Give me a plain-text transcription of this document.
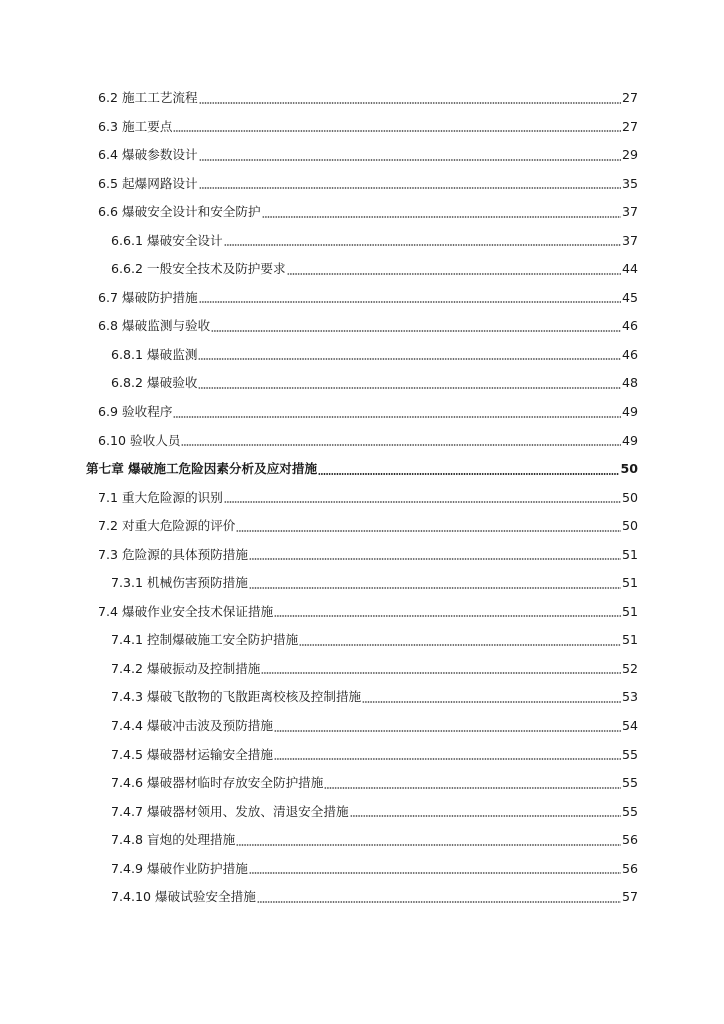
6.2 施工工艺流程	27
6.3 施工要点	27
6.4 爆破参数设计	29
6.5 起爆网路设计	35
6.6 爆破安全设计和安全防护	37
6.6.1 爆破安全设计	37
6.6.2 一般安全技术及防护要求	44
6.7 爆破防护措施	45
6.8 爆破监测与验收	46
6.8.1 爆破监测	46
6.8.2 爆破验收	48
6.9 验收程序	49
6.10 验收人员	49
第七章 爆破施工危险因素分析及应对措施	50
7.1 重大危险源的识别	50
7.2 对重大危险源的评价	50
7.3 危险源的具体预防措施	51
7.3.1 机械伤害预防措施	51
7.4 爆破作业安全技术保证措施	51
7.4.1 控制爆破施工安全防护措施	51
7.4.2 爆破振动及控制措施	52
7.4.3 爆破飞散物的飞散距离校核及控制措施	53
7.4.4 爆破冲击波及预防措施	54
7.4.5 爆破器材运输安全措施	55
7.4.6 爆破器材临时存放安全防护措施	55
7.4.7 爆破器材领用、发放、清退安全措施	55
7.4.8 盲炮的处理措施	56
7.4.9 爆破作业防护措施	56
7.4.10 爆破试验安全措施	57
